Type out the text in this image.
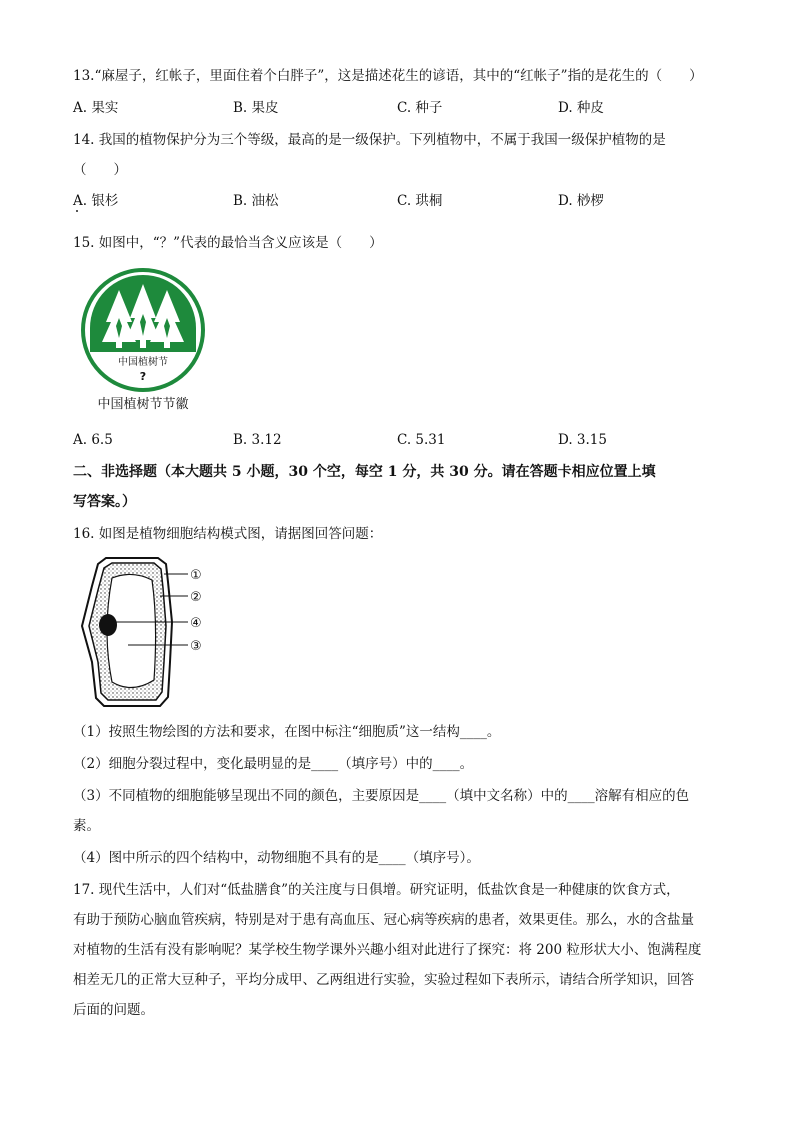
13.“麻屋子，红帐子，里面住着个白胖子”，这是描述花生的谚语，其中的“红帐子”指的是花生的（　　）
A. 果实	B. 果皮	C. 种子	D. 种皮
14. 我国的植物保护分为三个等级，最高的是一级保护。下列植物中，不属于我国一级保护植物的是
（　　）
A. 银杉	B. 油松	C. 珙桐	D. 桫椤
15. 如图中，“？”代表的最恰当含义应该是（　　）
中国植树节
?
中国植树节节徽
A. 6.5	B. 3.12	C. 5.31	D. 3.15
二、非选择题（本大题共 5 小题，30 个空，每空 1 分，共 30 分。请在答题卡相应位置上填
写答案。）
16. 如图是植物细胞结构模式图，请据图回答问题：
①
②
④
③
（1）按照生物绘图的方法和要求，在图中标注“细胞质”这一结构____。
（2）细胞分裂过程中，变化最明显的是____（填序号）中的____。
（3）不同植物的细胞能够呈现出不同的颜色，主要原因是____（填中文名称）中的____溶解有相应的色
素。
（4）图中所示的四个结构中，动物细胞不具有的是____（填序号）。
17. 现代生活中，人们对“低盐膳食”的关注度与日俱增。研究证明，低盐饮食是一种健康的饮食方式，
有助于预防心脑血管疾病，特别是对于患有高血压、冠心病等疾病的患者，效果更佳。那么，水的含盐量
对植物的生活有没有影响呢？某学校生物学课外兴趣小组对此进行了探究：将 200 粒形状大小、饱满程度
相差无几的正常大豆种子，平均分成甲、乙两组进行实验，实验过程如下表所示，请结合所学知识，回答
后面的问题。
